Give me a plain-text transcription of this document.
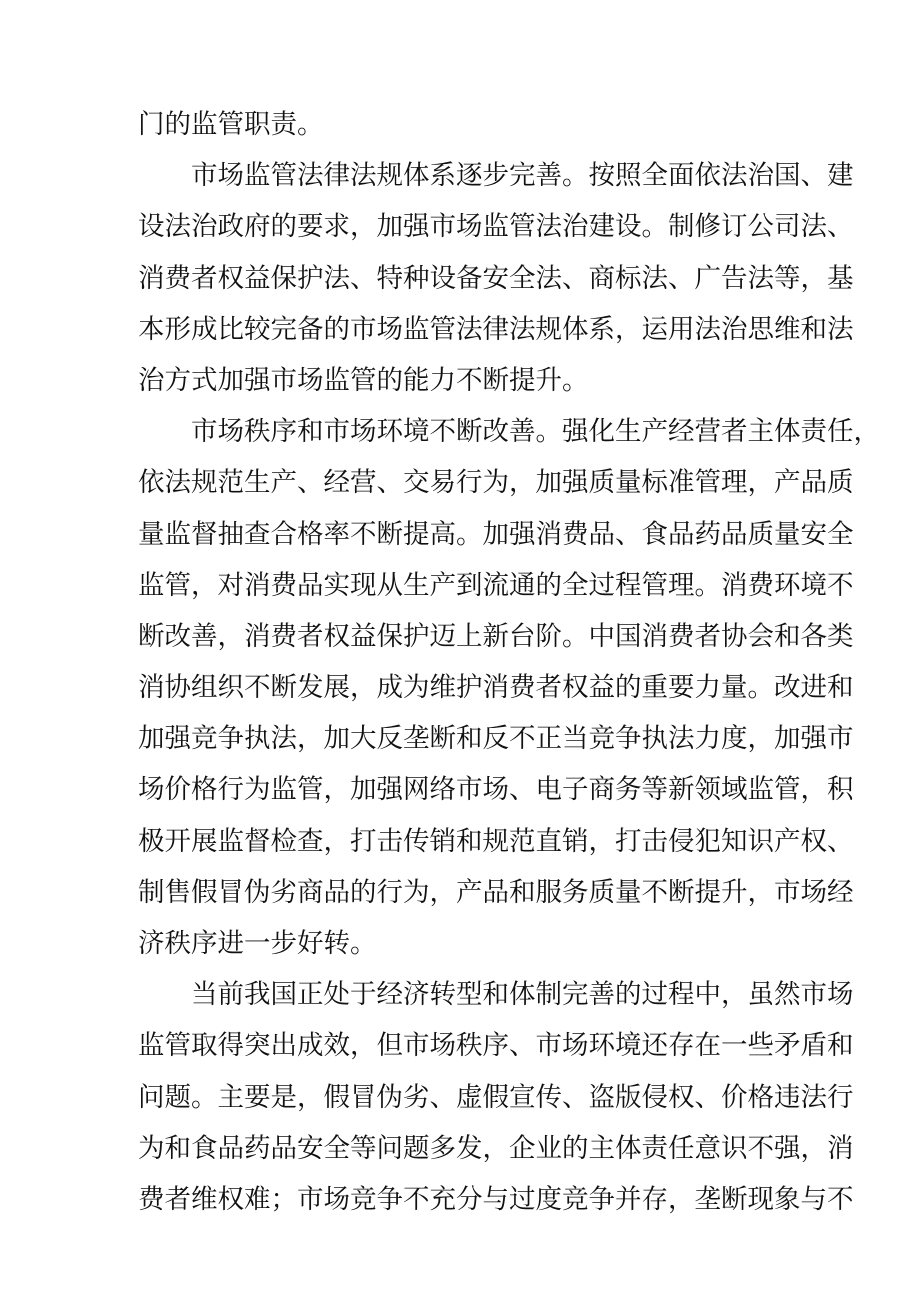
门的监管职责。
市场监管法律法规体系逐步完善。按照全面依法治国、建
设法治政府的要求，加强市场监管法治建设。制修订公司法、
消费者权益保护法、特种设备安全法、商标法、广告法等，基
本形成比较完备的市场监管法律法规体系，运用法治思维和法
治方式加强市场监管的能力不断提升。
市场秩序和市场环境不断改善。强化生产经营者主体责任，
依法规范生产、经营、交易行为，加强质量标准管理，产品质
量监督抽查合格率不断提高。加强消费品、食品药品质量安全
监管，对消费品实现从生产到流通的全过程管理。消费环境不
断改善，消费者权益保护迈上新台阶。中国消费者协会和各类
消协组织不断发展，成为维护消费者权益的重要力量。改进和
加强竞争执法，加大反垄断和反不正当竞争执法力度，加强市
场价格行为监管，加强网络市场、电子商务等新领域监管，积
极开展监督检查，打击传销和规范直销，打击侵犯知识产权、
制售假冒伪劣商品的行为，产品和服务质量不断提升，市场经
济秩序进一步好转。
当前我国正处于经济转型和体制完善的过程中，虽然市场
监管取得突出成效，但市场秩序、市场环境还存在一些矛盾和
问题。主要是，假冒伪劣、虚假宣传、盗版侵权、价格违法行
为和食品药品安全等问题多发，企业的主体责任意识不强，消
费者维权难；市场竞争不充分与过度竞争并存，垄断现象与不
